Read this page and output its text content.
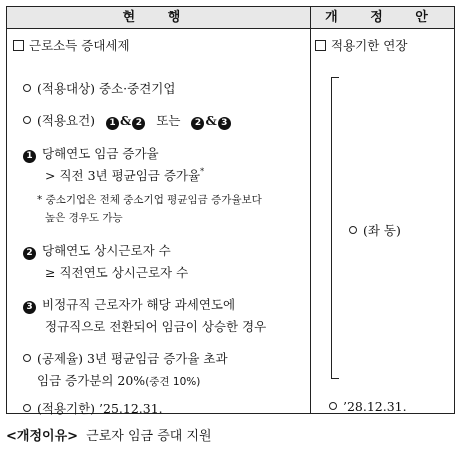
현 행	개 정 안
근로소득 증대세제
(적용대상) 중소·중견기업
(적용요건) 1 & 2 또는 2 & 3
1 당해연도 임금 증가율
> 직전 3년 평균임금 증가율*
* 중소기업은 전체 중소기업 평균임금 증가율보다
높은 경우도 가능
2 당해연도 상시근로자 수
≥ 직전연도 상시근로자 수
3 비정규직 근로자가 해당 과세연도에
정규직으로 전환되어 임금이 상승한 경우
(공제율) 3년 평균임금 증가율 초과
임금 증가분의 20%(중견 10%)
(적용기한) ’25.12.31.
적용기한 연장
(좌 동)
’28.12.31.
<개정이유> 근로자 임금 증대 지원
